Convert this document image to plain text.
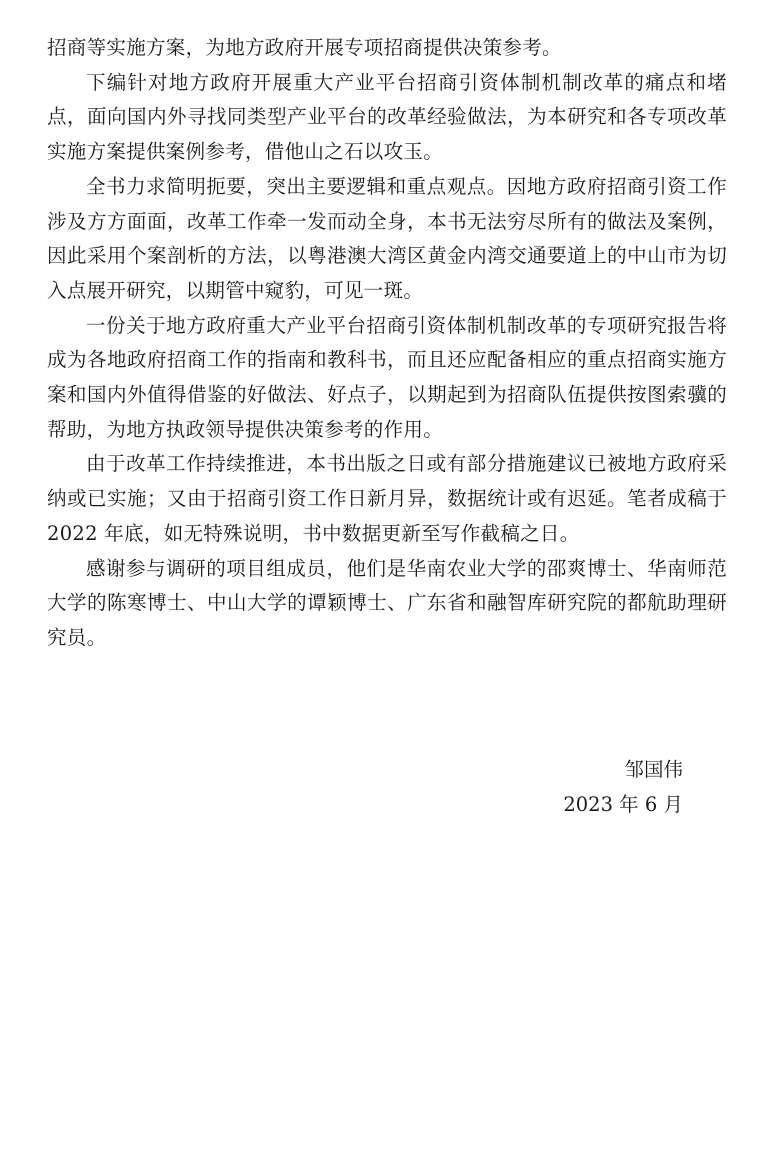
招商等实施方案，为地方政府开展专项招商提供决策参考。

下编针对地方政府开展重大产业平台招商引资体制机制改革的痛点和堵点，面向国内外寻找同类型产业平台的改革经验做法，为本研究和各专项改革实施方案提供案例参考，借他山之石以攻玉。

全书力求简明扼要，突出主要逻辑和重点观点。因地方政府招商引资工作涉及方方面面，改革工作牵一发而动全身，本书无法穷尽所有的做法及案例，因此采用个案剖析的方法，以粤港澳大湾区黄金内湾交通要道上的中山市为切入点展开研究，以期管中窥豹，可见一斑。

一份关于地方政府重大产业平台招商引资体制机制改革的专项研究报告将成为各地政府招商工作的指南和教科书，而且还应配备相应的重点招商实施方案和国内外值得借鉴的好做法、好点子，以期起到为招商队伍提供按图索骥的帮助，为地方执政领导提供决策参考的作用。

由于改革工作持续推进，本书出版之日或有部分措施建议已被地方政府采纳或已实施；又由于招商引资工作日新月异，数据统计或有迟延。笔者成稿于 2022 年底，如无特殊说明，书中数据更新至写作截稿之日。

感谢参与调研的项目组成员，他们是华南农业大学的邵爽博士、华南师范大学的陈寒博士、中山大学的谭颖博士、广东省和融智库研究院的都航助理研究员。

邹国伟
2023 年 6 月
